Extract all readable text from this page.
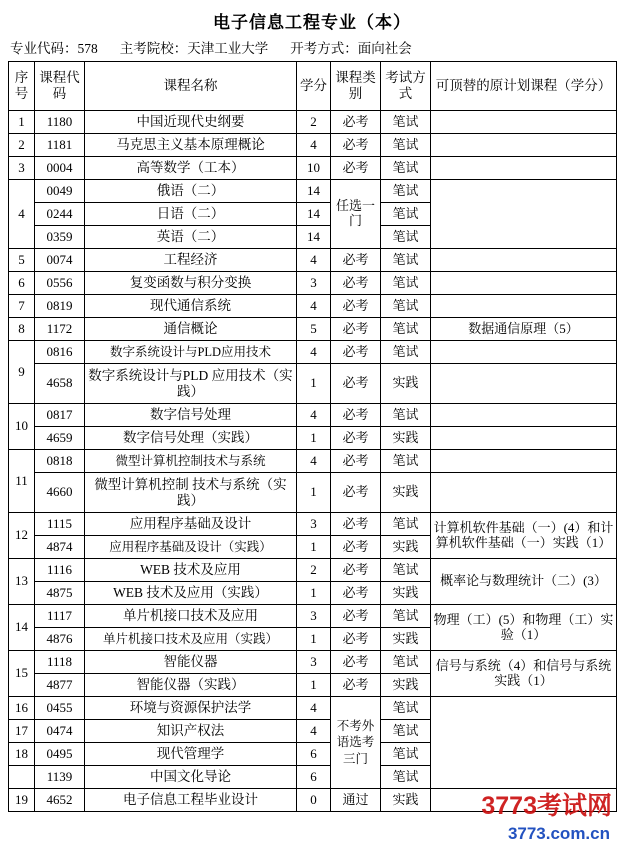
电子信息工程专业（本）
专业代码：578 主考院校：天津工业大学 开考方式：面向社会
序号	课程代码	课程名称	学分	课程类别	考试方式	可顶替的原计划课程（学分）
1	1180	中国近现代史纲要	2	必考	笔试	
2	1181	马克思主义基本原理概论	4	必考	笔试	
3	0004	高等数学（工本）	10	必考	笔试	
4	0049	俄语（二）	14	任选一门	笔试	
	0244	日语（二）	14		笔试	
	0359	英语（二）	14		笔试	
5	0074	工程经济	4	必考	笔试	
6	0556	复变函数与积分变换	3	必考	笔试	
7	0819	现代通信系统	4	必考	笔试	
8	1172	通信概论	5	必考	笔试	数据通信原理（5）
9	0816	数字系统设计与PLD应用技术	4	必考	笔试	
	4658	数字系统设计与PLD 应用技术（实践）	1	必考	实践	
10	0817	数字信号处理	4	必考	笔试	
	4659	数字信号处理（实践）	1	必考	实践	
11	0818	微型计算机控制技术与系统	4	必考	笔试	
	4660	微型计算机控制 技术与系统（实践）	1	必考	实践	
12	1115	应用程序基础及设计	3	必考	笔试	计算机软件基础（一）(4）和计算机软件基础（一）实践（1）
	4874	应用程序基础及设计（实践）	1	必考	实践	
13	1116	WEB 技术及应用	2	必考	笔试	概率论与数理统计（二）(3）
	4875	WEB 技术及应用（实践）	1	必考	实践	
14	1117	单片机接口技术及应用	3	必考	笔试	物理（工）(5）和物理（工）实验（1）
	4876	单片机接口技术及应用（实践）	1	必考	实践	
15	1118	智能仪器	3	必考	笔试	信号与系统（4）和信号与系统实践（1）
	4877	智能仪器（实践）	1	必考	实践	
16	0455	环境与资源保护法学	4	不考外语选考三门	笔试	
17	0474	知识产权法	4		笔试	
18	0495	现代管理学	6		笔试	
	1139	中国文化导论	6		笔试	
19	4652	电子信息工程毕业设计	0	通过	实践		3773考试网
3773.com.cn
